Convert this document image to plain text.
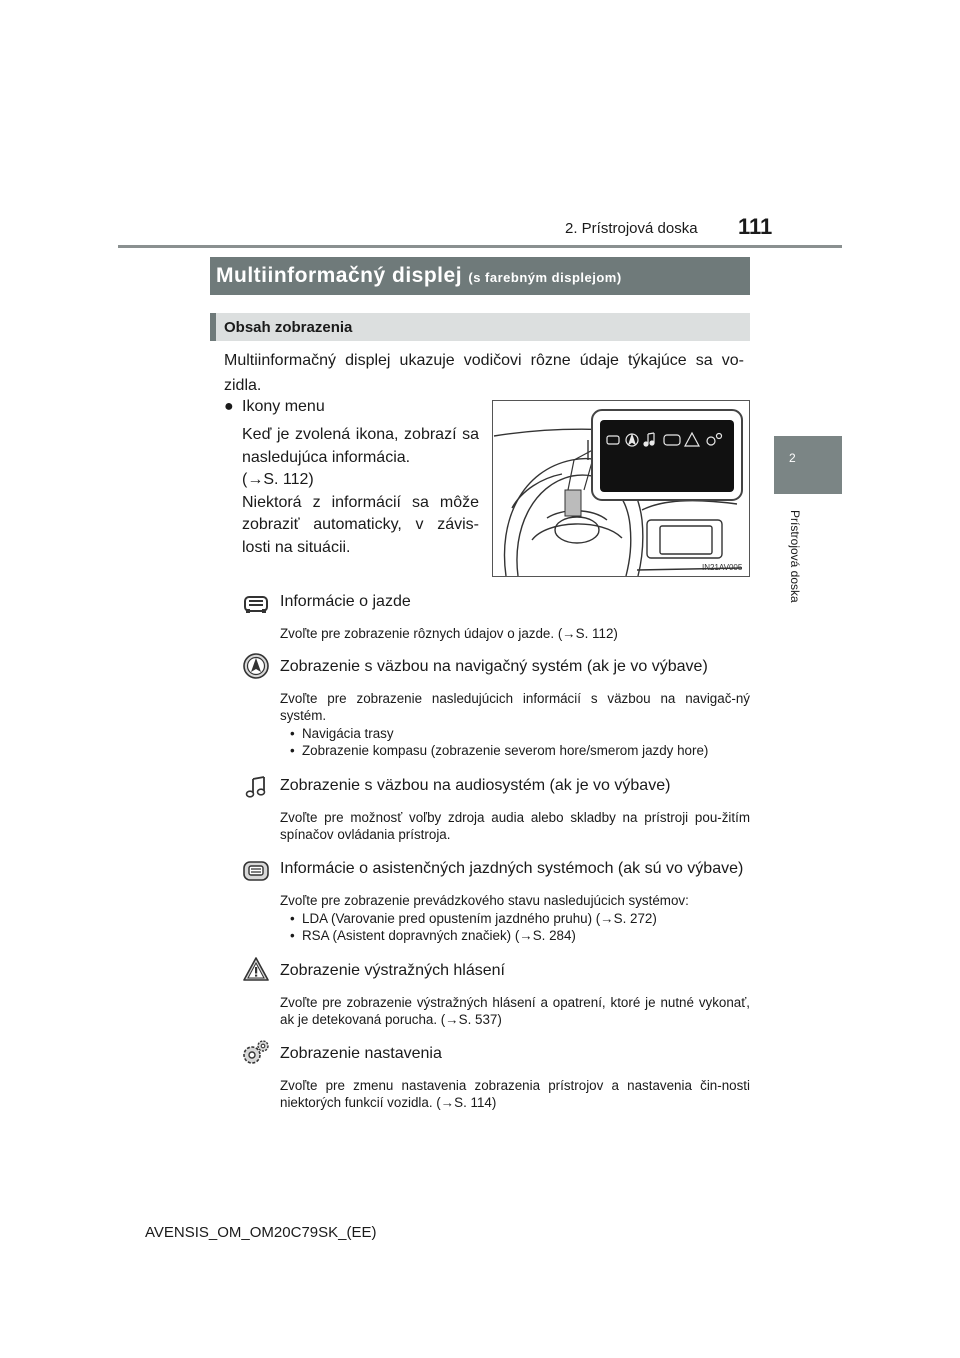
2. Prístrojová doska 111
2
Prístrojová doska
Multiinformačný displej (s farebným displejom)
Obsah zobrazenia
Multiinformačný displej ukazuje vodičovi rôzne údaje týkajúce sa vo-zidla.
● Ikony menu
Keď je zvolená ikona, zobrazí sa nasledujúca informácia.
(→S. 112)
Niektorá z informácií sa môže zobraziť automaticky, v závis-losti na situácii.
IN21AV005
Informácie o jazde
Zvoľte pre zobrazenie rôznych údajov o jazde. (→S. 112)
Zobrazenie s väzbou na navigačný systém (ak je vo výbave)
Zvoľte pre zobrazenie nasledujúcich informácií s väzbou na navigač-ný systém.
• Navigácia trasy
• Zobrazenie kompasu (zobrazenie severom hore/smerom jazdy hore)
Zobrazenie s väzbou na audiosystém (ak je vo výbave)
Zvoľte pre možnosť voľby zdroja audia alebo skladby na prístroji pou-žitím spínačov ovládania prístroja.
Informácie o asistenčných jazdných systémoch (ak sú vo výbave)
Zvoľte pre zobrazenie prevádzkového stavu nasledujúcich systémov:
• LDA (Varovanie pred opustením jazdného pruhu) (→S. 272)
• RSA (Asistent dopravných značiek) (→S. 284)
Zobrazenie výstražných hlásení
Zvoľte pre zobrazenie výstražných hlásení a opatrení, ktoré je nutné vykonať, ak je detekovaná porucha. (→S. 537)
Zobrazenie nastavenia
Zvoľte pre zmenu nastavenia zobrazenia prístrojov a nastavenia čin-nosti niektorých funkcií vozidla. (→S. 114)
AVENSIS_OM_OM20C79SK_(EE)
